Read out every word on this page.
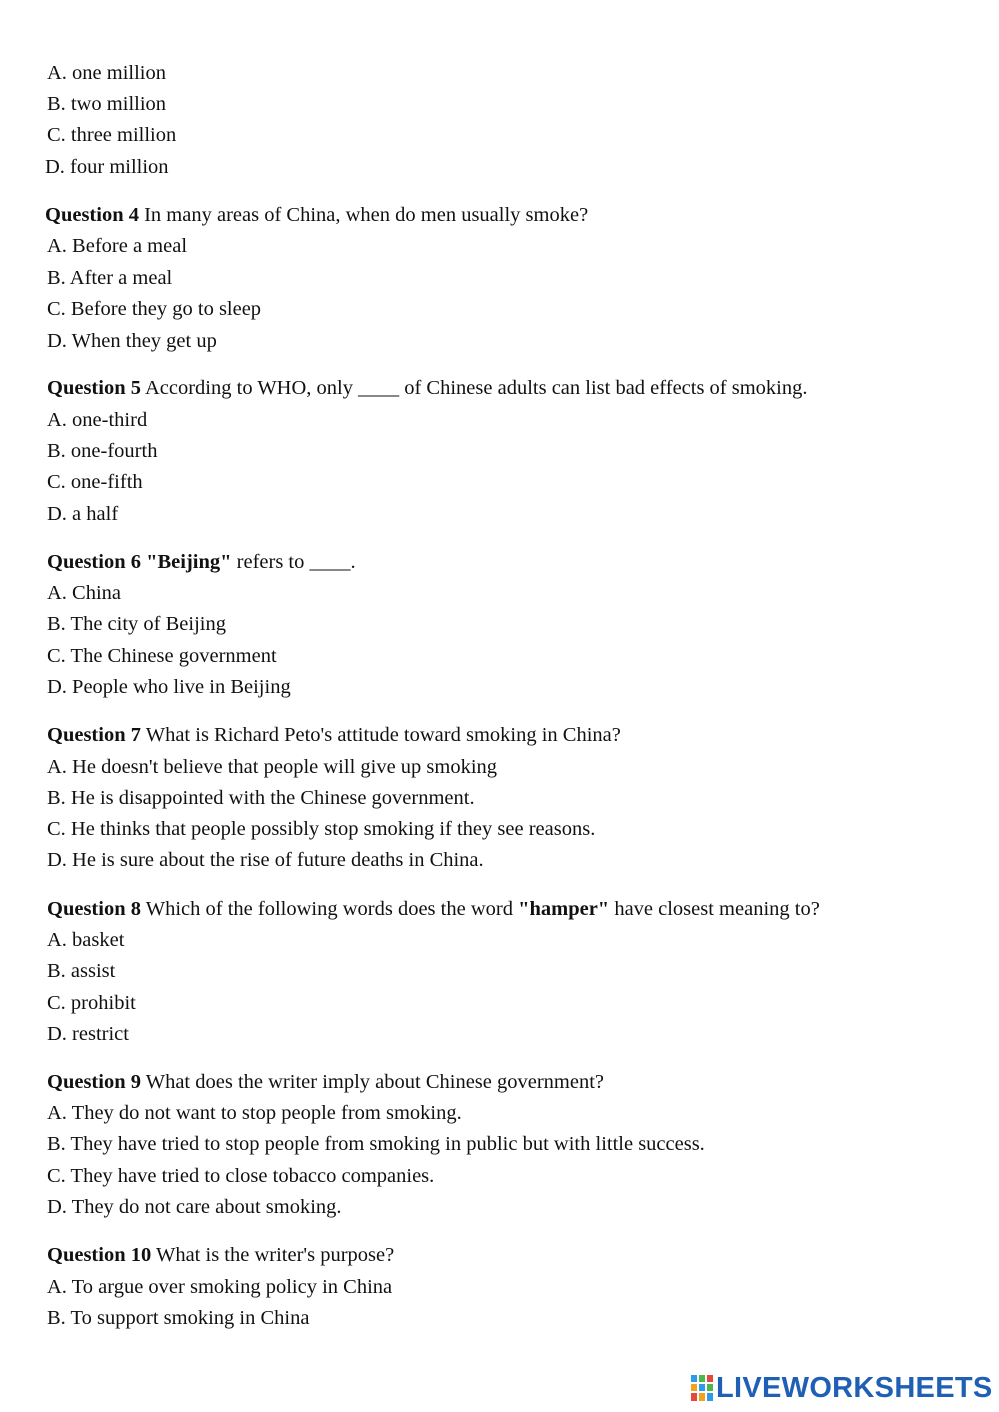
A. one million
B. two million
C. three million
D. four million
Question 4 In many areas of China, when do men usually smoke?
A. Before a meal
B. After a meal
C. Before they go to sleep
D. When they get up
Question 5 According to WHO, only ____ of Chinese adults can list bad effects of smoking.
A. one-third
B. one-fourth
C. one-fifth
D. a half
Question 6 "Beijing" refers to ____.
A. China
B. The city of Beijing
C. The Chinese government
D. People who live in Beijing
Question 7 What is Richard Peto's attitude toward smoking in China?
A. He doesn't believe that people will give up smoking
B. He is disappointed with the Chinese government.
C. He thinks that people possibly stop smoking if they see reasons.
D. He is sure about the rise of future deaths in China.
Question 8 Which of the following words does the word "hamper" have closest meaning to?
A. basket
B. assist
C. prohibit
D. restrict
Question 9 What does the writer imply about Chinese government?
A. They do not want to stop people from smoking.
B. They have tried to stop people from smoking in public but with little success.
C. They have tried to close tobacco companies.
D. They do not care about smoking.
Question 10 What is the writer's purpose?
A. To argue over smoking policy in China
B. To support smoking in China
LIVEWORKSHEETS
